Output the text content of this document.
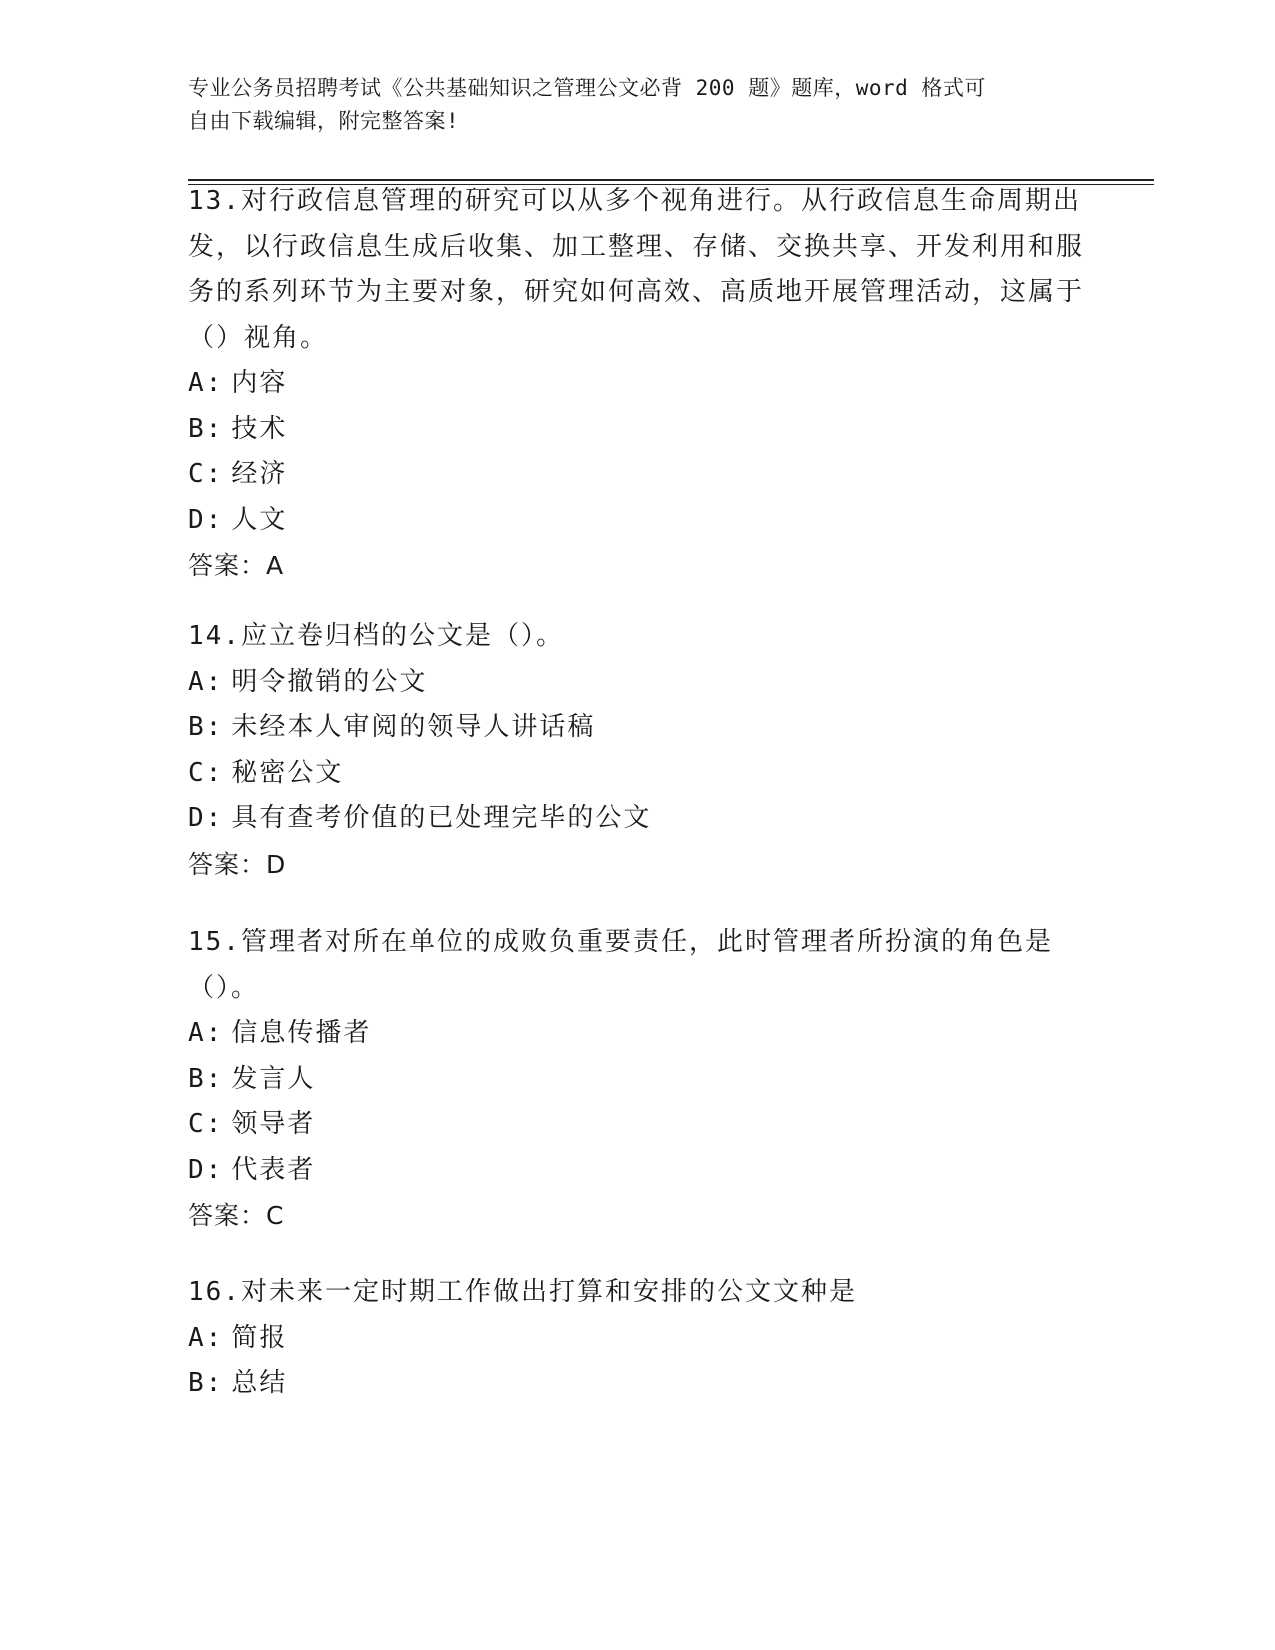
专业公务员招聘考试《公共基础知识之管理公文必背 200 题》题库，word 格式可
自由下载编辑，附完整答案!

13.对行政信息管理的研究可以从多个视角进行。从行政信息生命周期出发，以行政信息生成后收集、加工整理、存储、交换共享、开发利用和服务的系列环节为主要对象，研究如何高效、高质地开展管理活动，这属于（）视角。

A: 内容
B: 技术
C: 经济
D: 人文
答案：A

14.应立卷归档的公文是（）。

A: 明令撤销的公文
B: 未经本人审阅的领导人讲话稿
C: 秘密公文
D: 具有查考价值的已处理完毕的公文
答案：D

15.管理者对所在单位的成败负重要责任，此时管理者所扮演的角色是（）。

A: 信息传播者
B: 发言人
C: 领导者
D: 代表者
答案：C

16.对未来一定时期工作做出打算和安排的公文文种是

A: 简报
B: 总结
